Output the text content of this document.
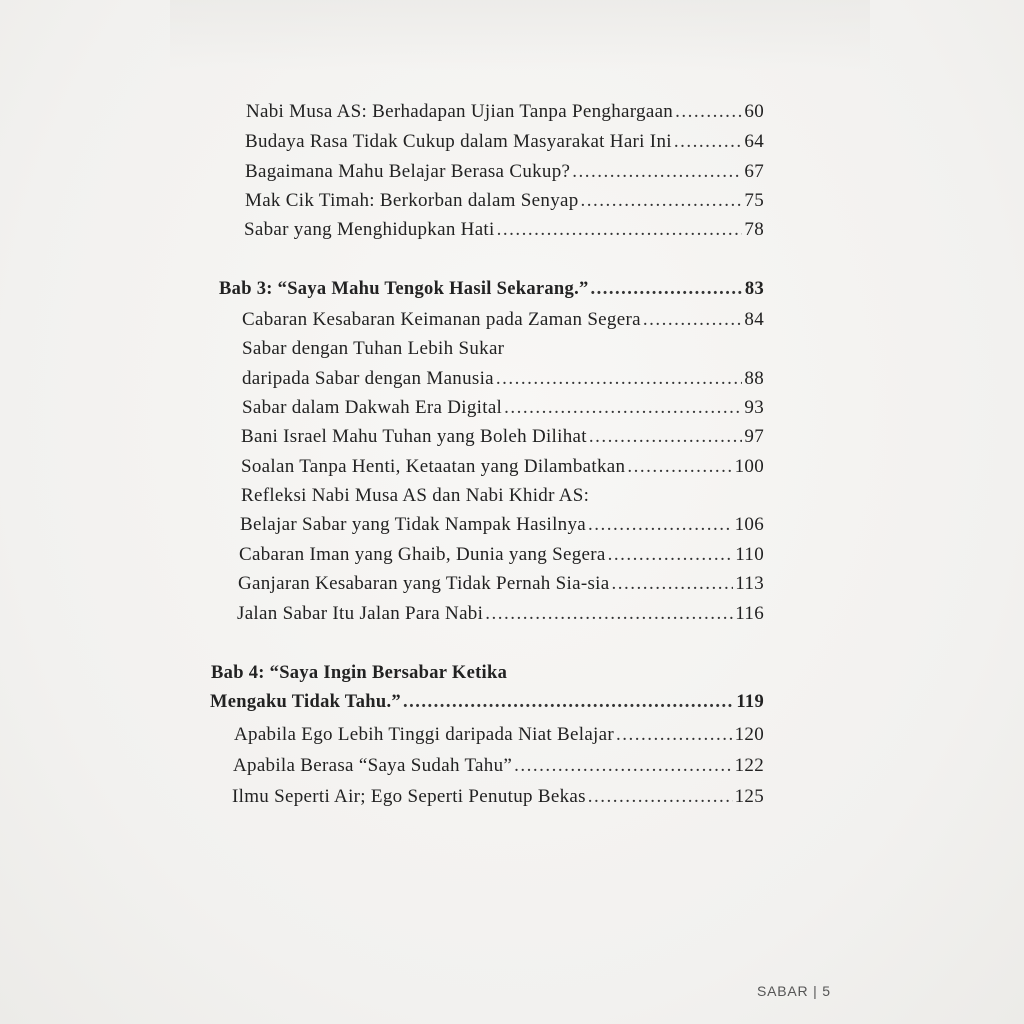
Nabi Musa AS: Berhadapan Ujian Tanpa Penghargaan .....	60
Budaya Rasa Tidak Cukup dalam Masyarakat Hari Ini .....	64
Bagaimana Mahu Belajar Berasa Cukup? .....	67
Mak Cik Timah: Berkorban dalam Senyap .....	75
Sabar yang Menghidupkan Hati .....	78
Bab 3: “Saya Mahu Tengok Hasil Sekarang.” .....	83
Cabaran Kesabaran Keimanan pada Zaman Segera .....	84
Sabar dengan Tuhan Lebih Sukar
daripada Sabar dengan Manusia .....	88
Sabar dalam Dakwah Era Digital .....	93
Bani Israel Mahu Tuhan yang Boleh Dilihat .....	97
Soalan Tanpa Henti, Ketaatan yang Dilambatkan .....	100
Refleksi Nabi Musa AS dan Nabi Khidr AS:
Belajar Sabar yang Tidak Nampak Hasilnya .....	106
Cabaran Iman yang Ghaib, Dunia yang Segera .....	110
Ganjaran Kesabaran yang Tidak Pernah Sia-sia .....	113
Jalan Sabar Itu Jalan Para Nabi .....	116
Bab 4: “Saya Ingin Bersabar Ketika
Mengaku Tidak Tahu.” .....	119
Apabila Ego Lebih Tinggi daripada Niat Belajar .....	120
Apabila Berasa “Saya Sudah Tahu” .....	122
Ilmu Seperti Air; Ego Seperti Penutup Bekas .....	125
SABAR | 5
